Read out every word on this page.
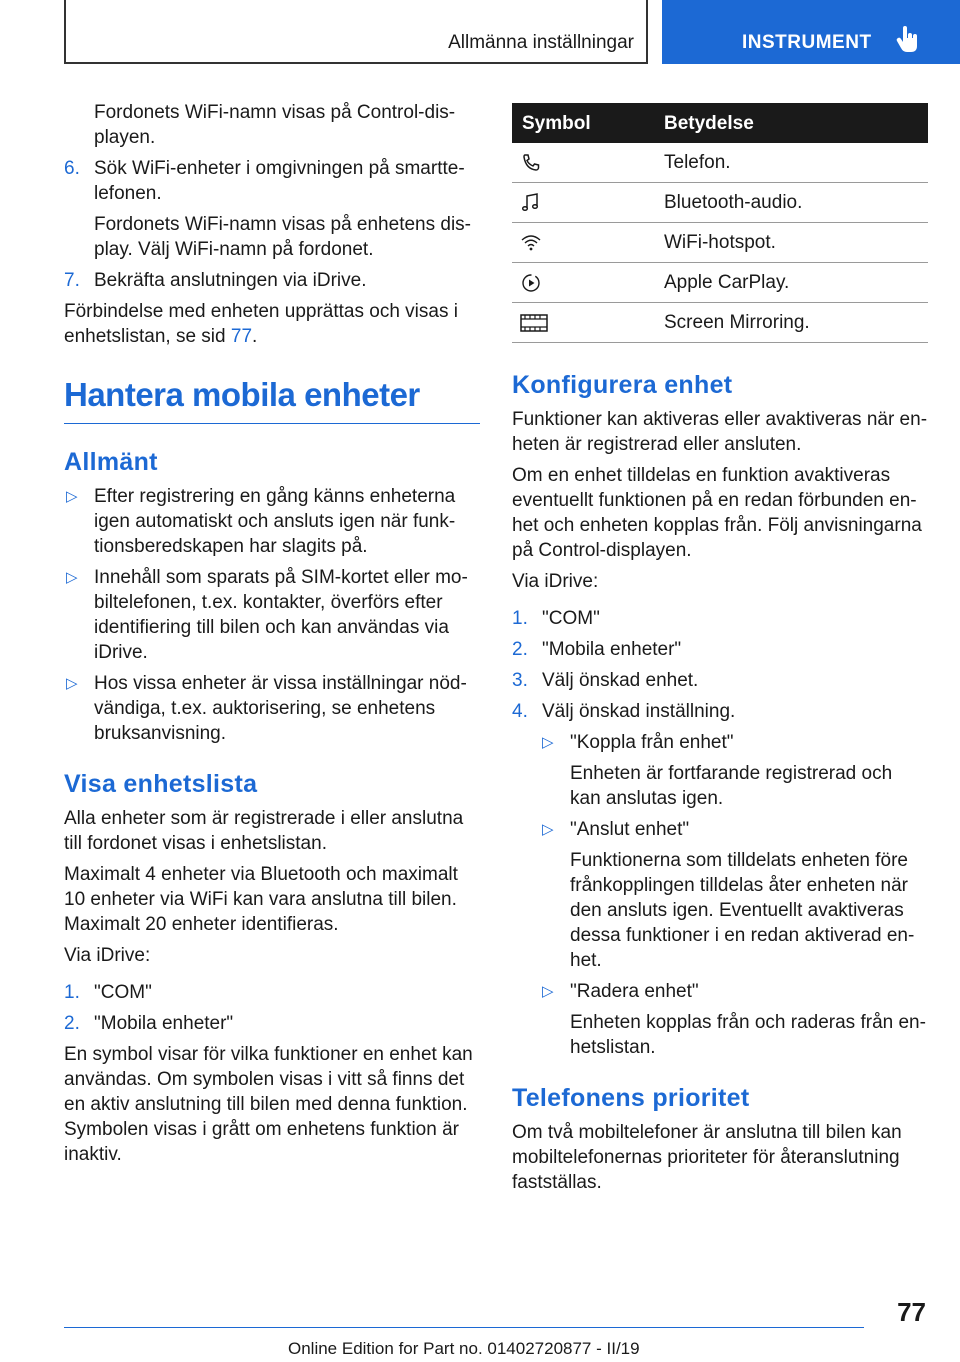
Allmänna inställningar	INSTRUMENT

Fordonets WiFi-namn visas på Control-displayen.

6. Sök WiFi-enheter i omgivningen på smarttelefonen.

Fordonets WiFi-namn visas på enhetens display. Välj WiFi-namn på fordonet.

7. Bekräfta anslutningen via iDrive.

Förbindelse med enheten upprättas och visas i enhetslistan, se sid 77.

Hantera mobila enheter
Allmänt
▷ Efter registrering en gång känns enheterna igen automatiskt och ansluts igen när funktionsberedskapen har slagits på.
▷ Innehåll som sparats på SIM-kortet eller mobiltelefonen, t.ex. kontakter, överförs efter identifiering till bilen och kan användas via iDrive.
▷ Hos vissa enheter är vissa inställningar nödvändiga, t.ex. auktorisering, se enhetens bruksanvisning.
Visa enhetslista

Alla enheter som är registrerade i eller anslutna till fordonet visas i enhetslistan.

Maximalt 4 enheter via Bluetooth och maximalt 10 enheter via WiFi kan vara anslutna till bilen. Maximalt 20 enheter identifieras.

Via iDrive:

1. "COM"
2. "Mobila enheter"

En symbol visar för vilka funktioner en enhet kan användas. Om symbolen visas i vitt så finns det en aktiv anslutning till bilen med denna funktion. Symbolen visas i grått om enhetens funktion är inaktiv.

Symbol	Betydelse

	Telefon.

	Bluetooth-audio.

	WiFi-hotspot.

	Apple CarPlay.

	Screen Mirroring.
Konfigurera enhet

Funktioner kan aktiveras eller avaktiveras när enheten är registrerad eller ansluten.

Om en enhet tilldelas en funktion avaktiveras eventuellt funktionen på en redan förbunden enhet och enheten kopplas från. Följ anvisningarna på Control-displayen.

Via iDrive:

1. "COM"
2. "Mobila enheter"
3. Välj önskad enhet.
4. Välj önskad inställning.
▷ "Koppla från enhet"

Enheten är fortfarande registrerad och kan anslutas igen.

▷ "Anslut enhet"

Funktionerna som tilldelats enheten före frånkopplingen tilldelas åter enheten när den ansluts igen. Eventuellt avaktiveras dessa funktioner i en redan aktiverad enhet.

▷ "Radera enhet"

Enheten kopplas från och raderas från enhetslistan.

Telefonens prioritet

Om två mobiltelefoner är anslutna till bilen kan mobiltelefonernas prioriteter för återanslutning fastställas.

77
Online Edition for Part no. 01402720877 - II/19
